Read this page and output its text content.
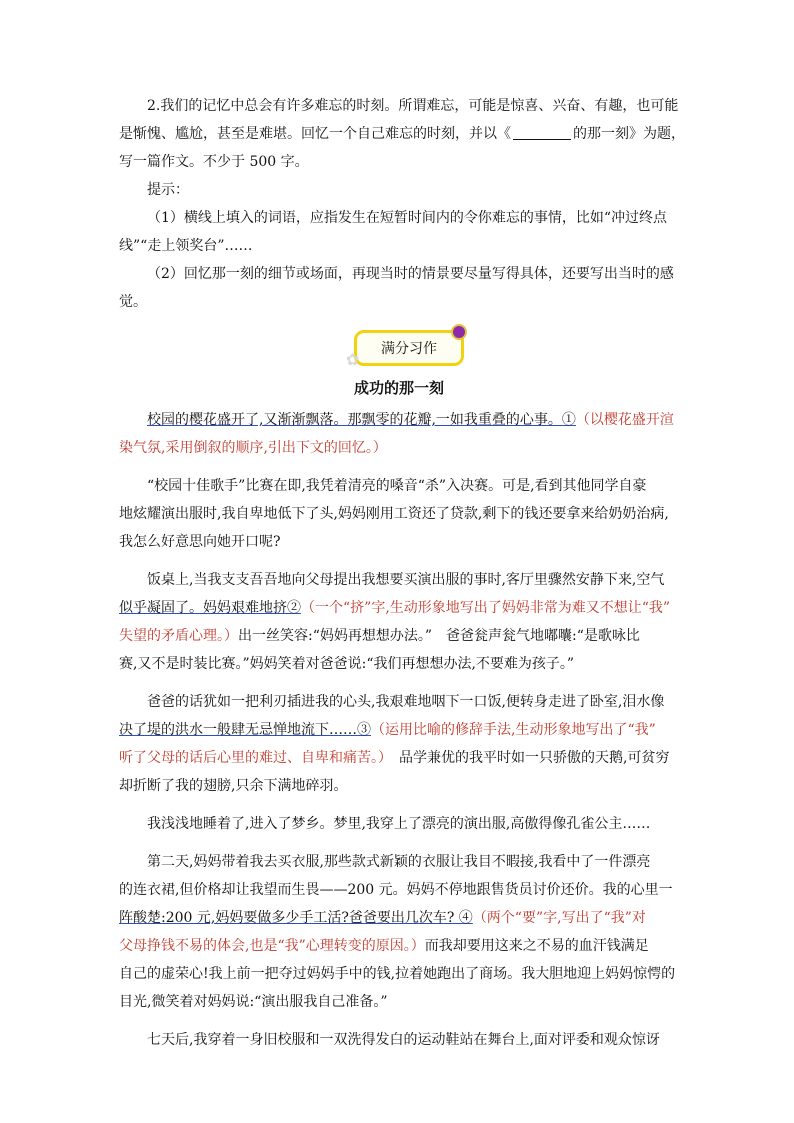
2.我们的记忆中总会有许多难忘的时刻。所谓难忘，可能是惊喜、兴奋、有趣，也可能
是惭愧、尴尬，甚至是难堪。回忆一个自己难忘的时刻，并以《	的那一刻》为题，
写一篇作文。不少于 500 字。
提示：
（1）横线上填入的词语，应指发生在短暂时间内的令你难忘的事情，比如“冲过终点
线”“走上领奖台”……
（2）回忆那一刻的细节或场面，再现当时的情景要尽量写得具体，还要写出当时的感
觉。
满分习作
✿
成功的那一刻
校园的樱花盛开了,又渐渐飘落。那飘零的花瓣,一如我重叠的心事。①（以樱花盛开渲
染气氛,采用倒叙的顺序,引出下文的回忆。）
“校园十佳歌手”比赛在即,我凭着清亮的嗓音“杀”入决赛。可是,看到其他同学自豪
地炫耀演出服时,我自卑地低下了头,妈妈刚用工资还了贷款,剩下的钱还要拿来给奶奶治病,
我怎么好意思向她开口呢?
饭桌上,当我支支吾吾地向父母提出我想要买演出服的事时,客厅里骤然安静下来,空气
似乎凝固了。妈妈艰难地挤②（一个“挤”字,生动形象地写出了妈妈非常为难又不想让“我”
失望的矛盾心理。）出一丝笑容:“妈妈再想想办法。”　爸爸瓮声瓮气地嘟囔:“是歌咏比
赛,又不是时装比赛。”妈妈笑着对爸爸说:“我们再想想办法,不要难为孩子。”
爸爸的话犹如一把利刃插进我的心头,我艰难地咽下一口饭,便转身走进了卧室,泪水像
决了堤的洪水一般肆无忌惮地流下……③（运用比喻的修辞手法,生动形象地写出了“我”
听了父母的话后心里的难过、自卑和痛苦。）　品学兼优的我平时如一只骄傲的天鹅,可贫穷
却折断了我的翅膀,只余下满地碎羽。
我浅浅地睡着了,进入了梦乡。梦里,我穿上了漂亮的演出服,高傲得像孔雀公主……
第二天,妈妈带着我去买衣服,那些款式新颖的衣服让我目不暇接,我看中了一件漂亮
的连衣裙,但价格却让我望而生畏——200 元。妈妈不停地跟售货员讨价还价。我的心里一
阵酸楚:200 元,妈妈要做多少手工活?爸爸要出几次车? ④（两个“要”字,写出了“我”对
父母挣钱不易的体会,也是“我”心理转变的原因。）而我却要用这来之不易的血汗钱满足
自己的虚荣心!我上前一把夺过妈妈手中的钱,拉着她跑出了商场。我大胆地迎上妈妈惊愕的
目光,微笑着对妈妈说:“演出服我自己准备。”
七天后,我穿着一身旧校服和一双洗得发白的运动鞋站在舞台上,面对评委和观众惊讶
